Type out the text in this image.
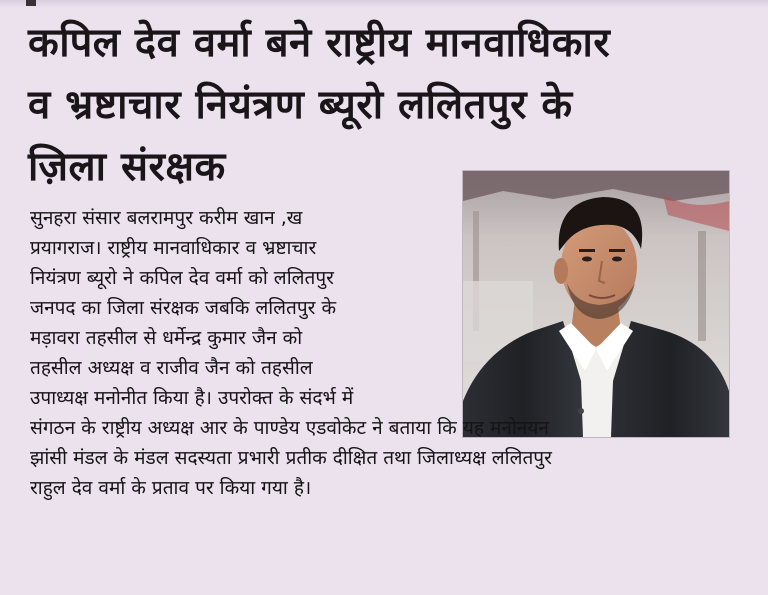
कपिल देव वर्मा बने राष्ट्रीय मानवाधिकार
व भ्रष्टाचार नियंत्रण ब्यूरो ललितपुर के
ज़िला संरक्षक
सुनहरा संसार बलरामपुर करीम खान ,ख
प्रयागराज। राष्ट्रीय मानवाधिकार व भ्रष्टाचार
नियंत्रण ब्यूरो ने कपिल देव वर्मा को ललितपुर
जनपद का जिला संरक्षक जबकि ललितपुर के
मड़ावरा तहसील से धर्मेन्द्र कुमार जैन को
तहसील अध्यक्ष व राजीव जैन को तहसील
उपाध्यक्ष मनोनीत किया है। उपरोक्त के संदर्भ में
संगठन के राष्ट्रीय अध्यक्ष आर के पाण्डेय एडवोकेट ने बताया कि यह मनोनयन
झांसी मंडल के मंडल सदस्यता प्रभारी प्रतीक दीक्षित तथा जिलाध्यक्ष ललितपुर
राहुल देव वर्मा के प्रताव पर किया गया है।
